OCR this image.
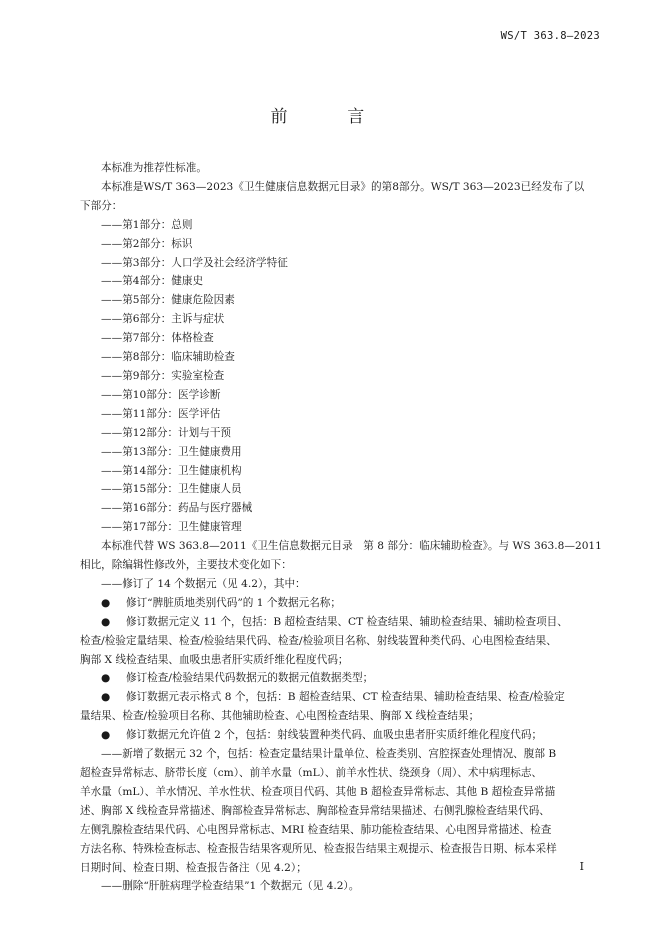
WS/T 363.8—2023
前 言

本标准为推荐性标准。

本标准是WS/T 363—2023《卫生健康信息数据元目录》的第8部分。WS/T 363—2023已经发布了以

下部分：

——第1部分：总则

——第2部分：标识

——第3部分：人口学及社会经济学特征

——第4部分：健康史

——第5部分：健康危险因素

——第6部分：主诉与症状

——第7部分：体格检查

——第8部分：临床辅助检查

——第9部分：实验室检查

——第10部分：医学诊断

——第11部分：医学评估

——第12部分：计划与干预

——第13部分：卫生健康费用

——第14部分：卫生健康机构

——第15部分：卫生健康人员

——第16部分：药品与医疗器械

——第17部分：卫生健康管理

本标准代替 WS 363.8—2011《卫生信息数据元目录　第 8 部分：临床辅助检查》。与 WS 363.8—2011

相比，除编辑性修改外，主要技术变化如下：

——修订了 14 个数据元（见 4.2），其中：

● 修订“脾脏质地类别代码”的 1 个数据元名称；

● 修订数据元定义 11 个，包括：B 超检查结果、CT 检查结果、辅助检查结果、辅助检查项目、

检查/检验定量结果、检查/检验结果代码、检查/检验项目名称、射线装置种类代码、心电图检查结果、

胸部 X 线检查结果、血吸虫患者肝实质纤维化程度代码；

● 修订检查/检验结果代码数据元的数据元值数据类型；

● 修订数据元表示格式 8 个，包括：B 超检查结果、CT 检查结果、辅助检查结果、检查/检验定

量结果、检查/检验项目名称、其他辅助检查、心电图检查结果、胸部 X 线检查结果；

● 修订数据元允许值 2 个，包括：射线装置种类代码、血吸虫患者肝实质纤维化程度代码；

——新增了数据元 32 个，包括：检查定量结果计量单位、检查类别、宫腔探查处理情况、腹部 B

超检查异常标志、脐带长度（cm）、前羊水量（mL）、前羊水性状、绕颈身（周）、术中病理标志、

羊水量（mL）、羊水情况、羊水性状、检查项目代码、其他 B 超检查异常标志、其他 B 超检查异常描

述、胸部 X 线检查异常描述、胸部检查异常标志、胸部检查异常结果描述、右侧乳腺检查结果代码、

左侧乳腺检查结果代码、心电图异常标志、MRI 检查结果、肺功能检查结果、心电图异常描述、检查

方法名称、特殊检查标志、检查报告结果客观所见、检查报告结果主观提示、检查报告日期、标本采样

日期时间、检查日期、检查报告备注（见 4.2）；

——删除“肝脏病理学检查结果”1 个数据元（见 4.2）。

I
